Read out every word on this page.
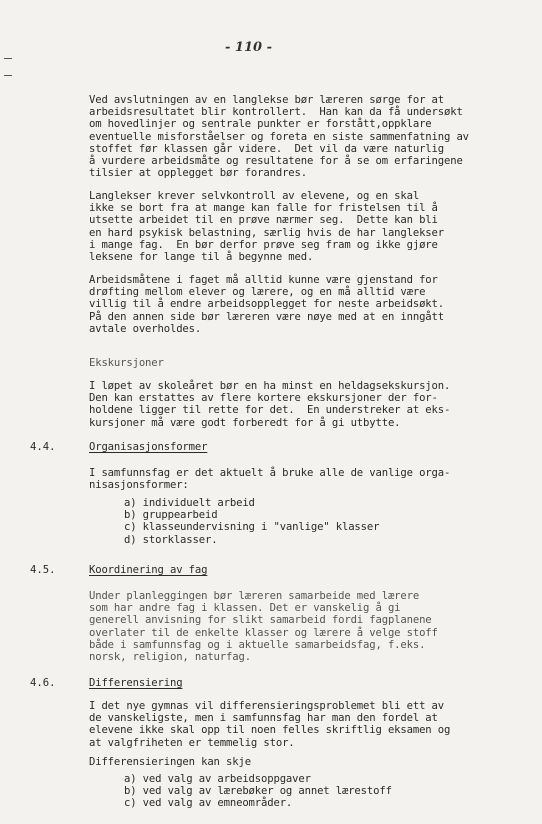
- 110 -
Ved avslutningen av en langlekse bør læreren sørge for at
arbeidsresultatet blir kontrollert.  Han kan da få undersøkt
om hovedlinjer og sentrale punkter er forstått,oppklare
eventuelle misforståelser og foreta en siste sammenfatning av
stoffet før klassen går videre.  Det vil da være naturlig
å vurdere arbeidsmåte og resultatene for å se om erfaringene
tilsier at opplegget bør forandres.
Langlekser krever selvkontroll av elevene, og en skal
ikke se bort fra at mange kan falle for fristelsen til å
utsette arbeidet til en prøve nærmer seg.  Dette kan bli
en hard psykisk belastning, særlig hvis de har langlekser
i mange fag.  En bør derfor prøve seg fram og ikke gjøre
leksene for lange til å begynne med.
Arbeidsmåtene i faget må alltid kunne være gjenstand for
drøfting mellom elever og lærere, og en må alltid være
villig til å endre arbeidsopplegget for neste arbeidsøkt.
På den annen side bør læreren være nøye med at en inngått
avtale overholdes.
Ekskursjoner
I løpet av skoleåret bør en ha minst en heldagsekskursjon.
Den kan erstattes av flere kortere ekskursjoner der for-
holdene ligger til rette for det.  En understreker at eks-
kursjoner må være godt forberedt for å gi utbytte.
4.4.	Organisasjonsformer
I samfunnsfag er det aktuelt å bruke alle de vanlige orga-
nisasjonsformer:
a) individuelt arbeid
b) gruppearbeid
c) klasseundervisning i "vanlige" klasser
d) storklasser.
4.5.	Koordinering av fag
Under planleggingen bør læreren samarbeide med lærere
som har andre fag i klassen. Det er vanskelig å gi
generell anvisning for slikt samarbeid fordi fagplanene
overlater til de enkelte klasser og lærere å velge stoff
både i samfunnsfag og i aktuelle samarbeidsfag, f.eks.
norsk, religion, naturfag.
4.6.	Differensiering
I det nye gymnas vil differensieringsproblemet bli ett av
de vanskeligste, men i samfunnsfag har man den fordel at
elevene ikke skal opp til noen felles skriftlig eksamen og
at valgfriheten er temmelig stor.
Differensieringen kan skje
a) ved valg av arbeidsoppgaver
b) ved valg av lærebøker og annet lærestoff
c) ved valg av emneområder.
